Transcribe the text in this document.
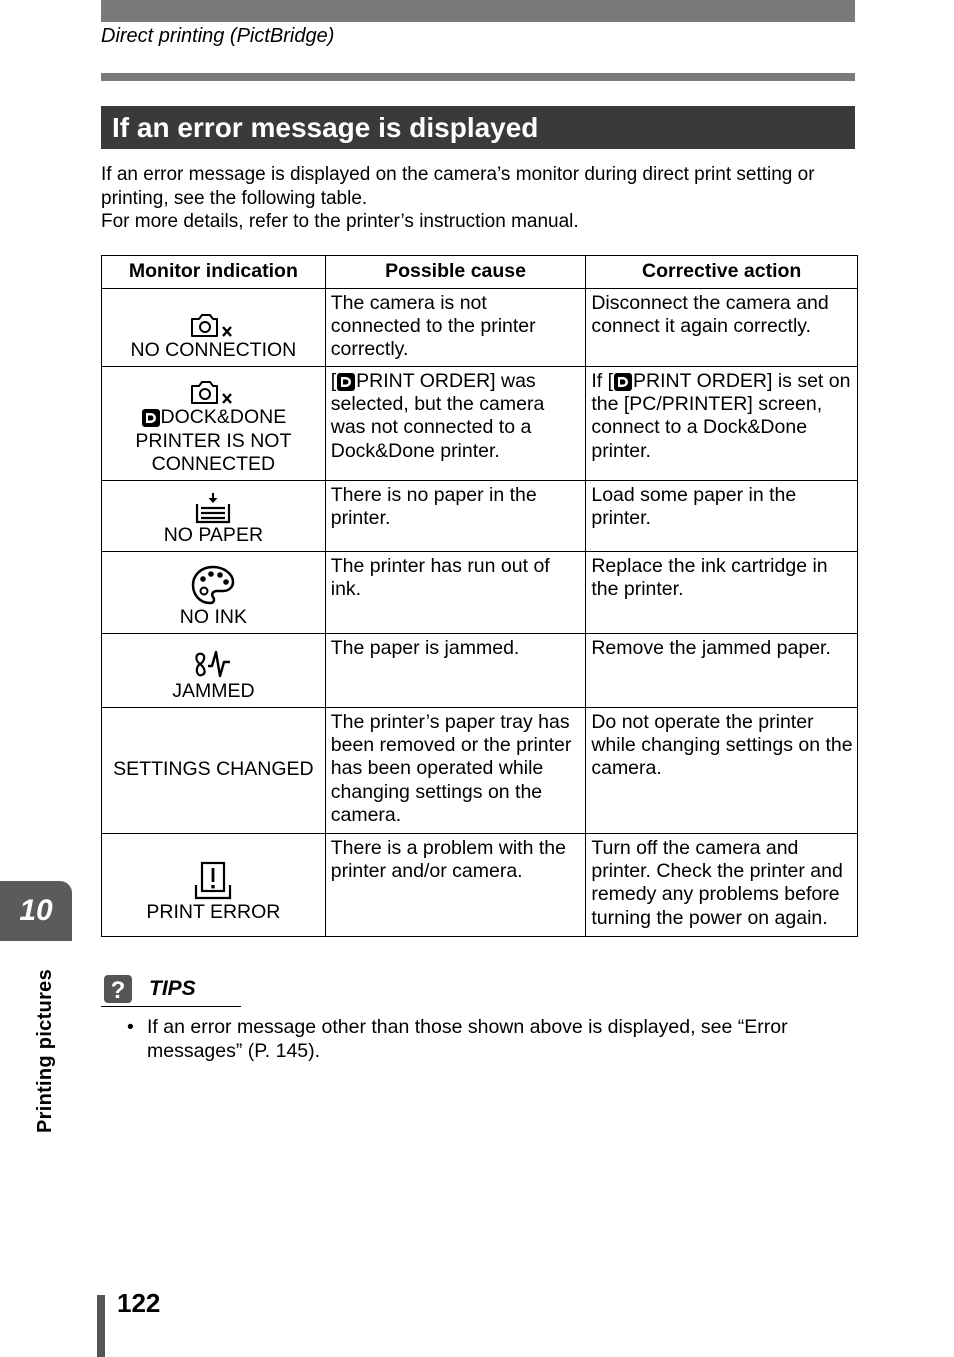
Direct printing (PictBridge)
If an error message is displayed

If an error message is displayed on the camera’s monitor during direct print setting or printing, see the following table.

For more details, refer to the printer’s instruction manual.

Monitor indication	Possible cause	Corrective action

NO CONNECTION	The camera is not connected to the printer correctly.	Disconnect the camera and connect it again correctly.

DOCK&DONE
PRINTER IS NOT CONNECTED	[ PRINT ORDER] was selected, but the camera was not connected to a Dock&Done printer.	If [ PRINT ORDER] is set on the [PC/PRINTER] screen, connect to a Dock&Done printer.

NO PAPER	There is no paper in the printer.	Load some paper in the printer.

NO INK	The printer has run out of ink.	Replace the ink cartridge in the printer.

JAMMED	The paper is jammed.	Remove the jammed paper.
SETTINGS CHANGED	The printer’s paper tray has been removed or the printer has been operated while changing settings on the camera.	Do not operate the printer while changing settings on the camera.

PRINT ERROR	There is a problem with the printer and/or camera.	Turn off the camera and printer. Check the printer and remedy any problems before turning the power on again.
? TIPS
• If an error message other than those shown above is displayed, see “Error messages” (P. 145).
10
Printing pictures
122
